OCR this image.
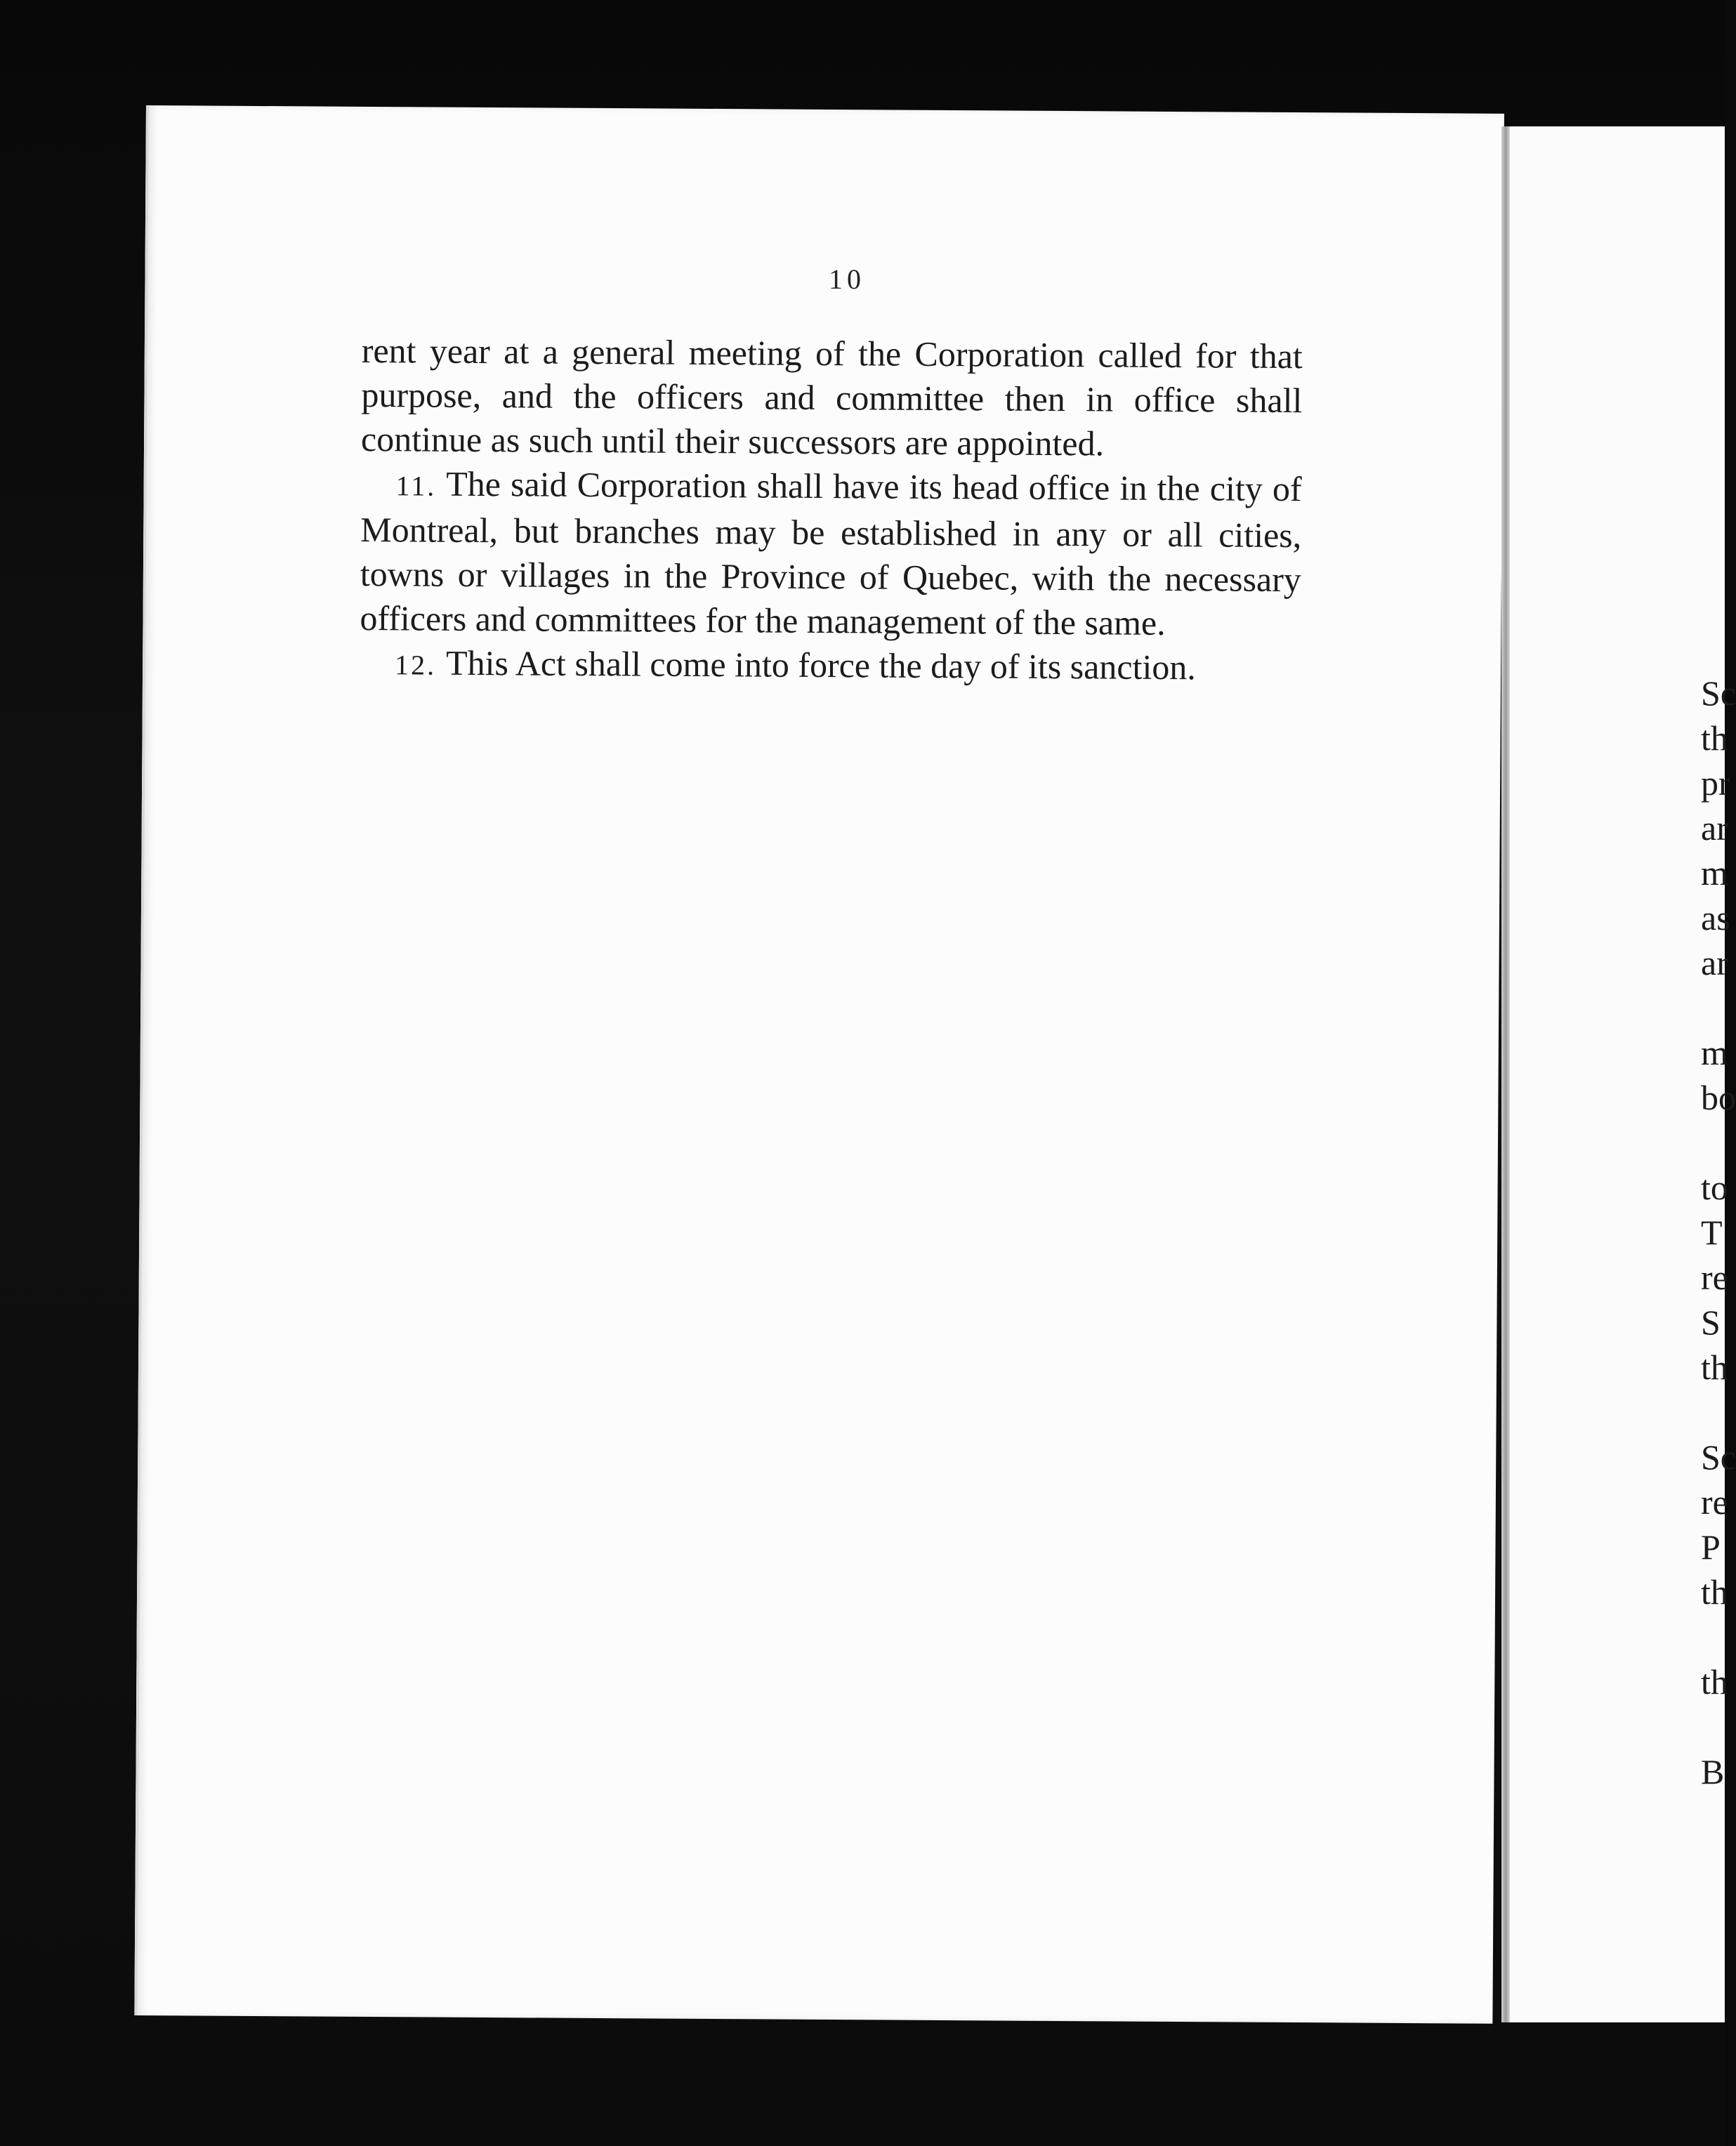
10

rent year at a general meeting of the Corporation called for that purpose, and the officers and committee then in office shall continue as such until their successors are appointed.

11. The said Corporation shall have its head office in the city of Montreal, but branches may be established in any or all cities, towns or villages in the Province of Quebec, with the necessary officers and committees for the management of the same.

12. This Act shall come into force the day of its sanction.

Sc
th
pr
ar
m
as
ar
m
bo
to
T
re
S
th
Sc
re
P
th
th
B
